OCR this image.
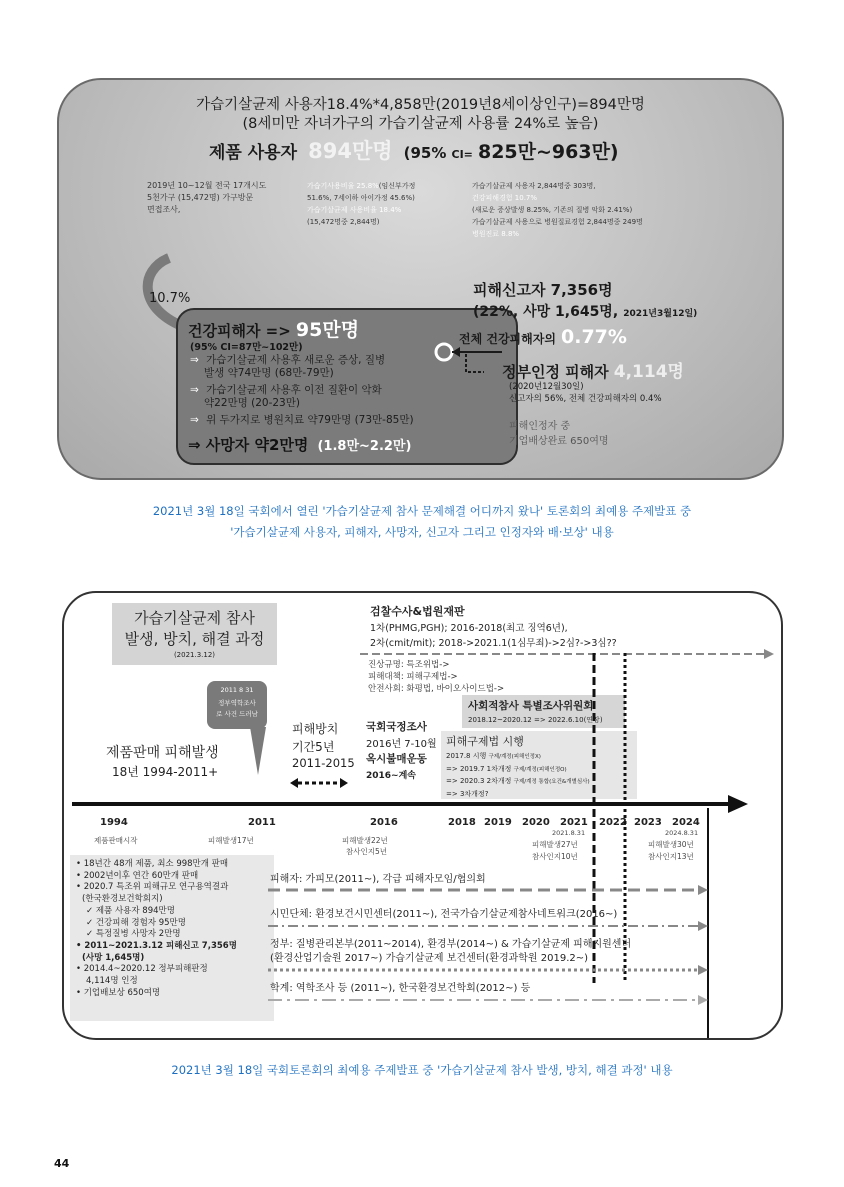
가습기살균제 사용자18.4%*4,858만(2019년8세이상인구)=894만명
(8세미만 자녀가구의 가습기살균제 사용률 24%로 높음)
제품 사용자 894만명 (95% CI= 825만~963만)
2019년 10~12월 전국 17개시도
5천가구 (15,472명) 가구방문
면접조사,
가습기사용비율 25.8%(임신부가정
51.6%, 7세이하 아이가정 45.6%)
가습기살균제 사용비율 18.4%
(15,472명중 2,844명)
가습기살균제 사용자 2,844명중 303명,
건강피해경험 10.7%
(새로운 증상발생 8.25%, 기존의 질병 악화 2.41%)
가습기살균제 사용으로 병원질료경험 2,844명중 249명
병원진료 8.8%
10.7%
건강피해자 => 95만명
(95% CI=87만~102만)
⇒ 가습기살균제 사용후 새로운 증상, 질병
발생 약74만명 (68만-79만)
⇒ 가습기살균제 사용후 이전 질환이 악화
약22만명 (20-23만)
⇒ 위 두가지로 병원치료 약79만명 (73만-85만)
⇒ 사망자 약2만명 (1.8만~2.2만)
피해신고자 7,356명
(22%, 사망 1,645명, 2021년3월12일)
전체 건강피해자의 0.77%
정부인정 피해자 4,114명
(2020년12월30일)
신고자의 56%, 전체 건강피해자의 0.4%
피해인정자 중
기업배상완료 650여명
2021년 3월 18일 국회에서 열린 '가습기살균제 참사 문제해결 어디까지 왔나' 토론회의 최예용 주제발표 중
'가습기살균제 사용자, 피해자, 사망자, 신고자 그리고 인정자와 배·보상' 내용
가습기살균제 참사
발생, 방치, 해결 과정
(2021.3.12)
검찰수사&법원재판
1차(PHMG,PGH); 2016-2018(최고 징역6년),
2차(cmit/mit); 2018->2021.1(1심무죄)->2심?->3심??
진상규명: 특조위법->
피해대책: 피해구제법->
안전사회: 화평법, 바이오사이드법->
사회적참사 특별조사위원회
2018.12~2020.12 => 2022.6.10(연장)
2011 8 31
정부역학조사
로 사건 드러남
제품판매 피해발생
18년 1994-2011+
피해방치
기간5년
2011-2015
국회국정조사
2016년 7-10월
옥시불매운동
2016~계속
피해구제법 시행
2017.8 시행 구제/계정(피해인정X)
=> 2019.7 1차개정 구제/계정(피해인정O)
=> 2020.3 2차개정 구제/계정 통합(요건&개별심사)
=> 3차개정?
1994	2011	2016	2018 2019 2020 2021 2022 2023 2024
제품판매시작	피해발생17년	피해발생22년
참사인지5년
2021.8.31
피해발생27년
참사인지10년
2024.8.31
피해발생30년
참사인지13년
• 18년간 48개 제품, 최소 998만개 판매
• 2002년이후 연간 60만개 판매
• 2020.7 특조위 피해규모 연구용역결과
(한국환경보건학회지)
✓ 제품 사용자 894만명
✓ 건강피해 경험자 95만명
✓ 특정질병 사망자 2만명
• 2011~2021.3.12 피해신고 7,356명
(사망 1,645명)
• 2014.4~2020.12 정부피해판정
4,114명 인정
• 기업배보상 650여명
피해자: 가피모(2011~), 각급 피해자모임/협의회
시민단체: 환경보건시민센터(2011~), 전국가습기살균제참사네트워크(2016~)
정부: 질병관리본부(2011~2014), 환경부(2014~) & 가습기살균제 피해지원센터
(환경산업기술원 2017~) 가습기살균제 보건센터(환경과학원 2019.2~)
학계: 역학조사 등 (2011~), 한국환경보건학회(2012~) 등
2021년 3월 18일 국회토론회의 최예용 주제발표 중 '가습기살균제 참사 발생, 방치, 해결 과정' 내용
44
